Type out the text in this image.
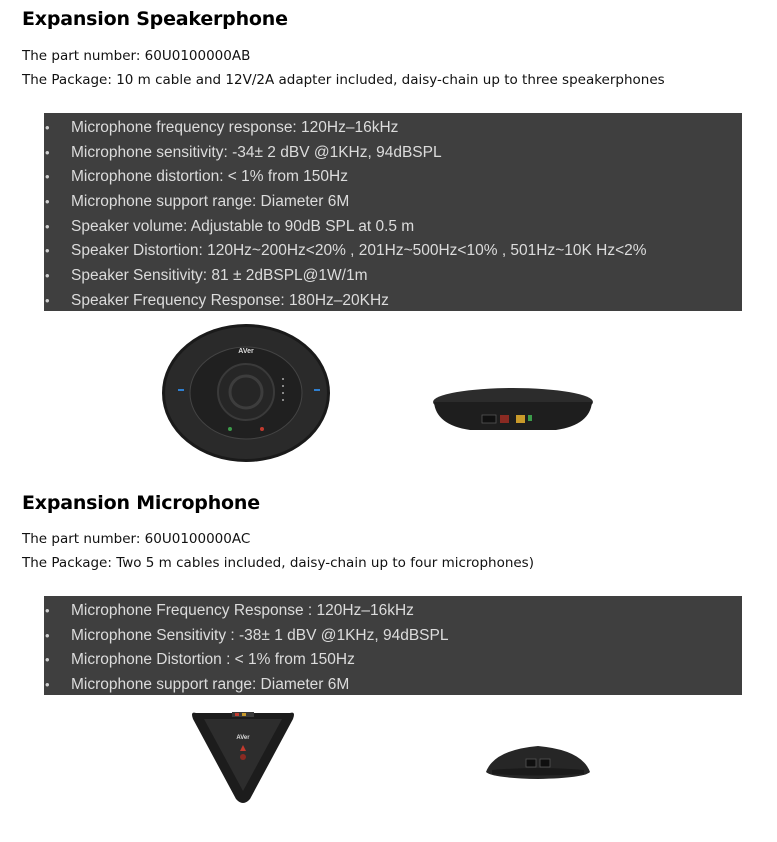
Expansion Speakerphone
The part number: 60U0100000AB
The Package: 10 m cable and 12V/2A adapter included, daisy-chain up to three speakerphones
• Microphone frequency response: 120Hz–16kHz
• Microphone sensitivity: -34± 2 dBV @1KHz, 94dBSPL
• Microphone distortion: < 1% from 150Hz
• Microphone support range: Diameter 6M
• Speaker volume: Adjustable to 90dB SPL at 0.5 m
• Speaker Distortion: 120Hz~200Hz<20% , 201Hz~500Hz<10% , 501Hz~10K Hz<2%
• Speaker Sensitivity: 81 ± 2dBSPL@1W/1m
• Speaker Frequency Response: 180Hz–20KHz
AVer
Expansion Microphone
The part number: 60U0100000AC
The Package: Two 5 m cables included, daisy-chain up to four microphones)
• Microphone Frequency Response : 120Hz–16kHz
• Microphone Sensitivity : -38± 1 dBV @1KHz, 94dBSPL
• Microphone Distortion : < 1% from 150Hz
• Microphone support range: Diameter 6M
AVer
